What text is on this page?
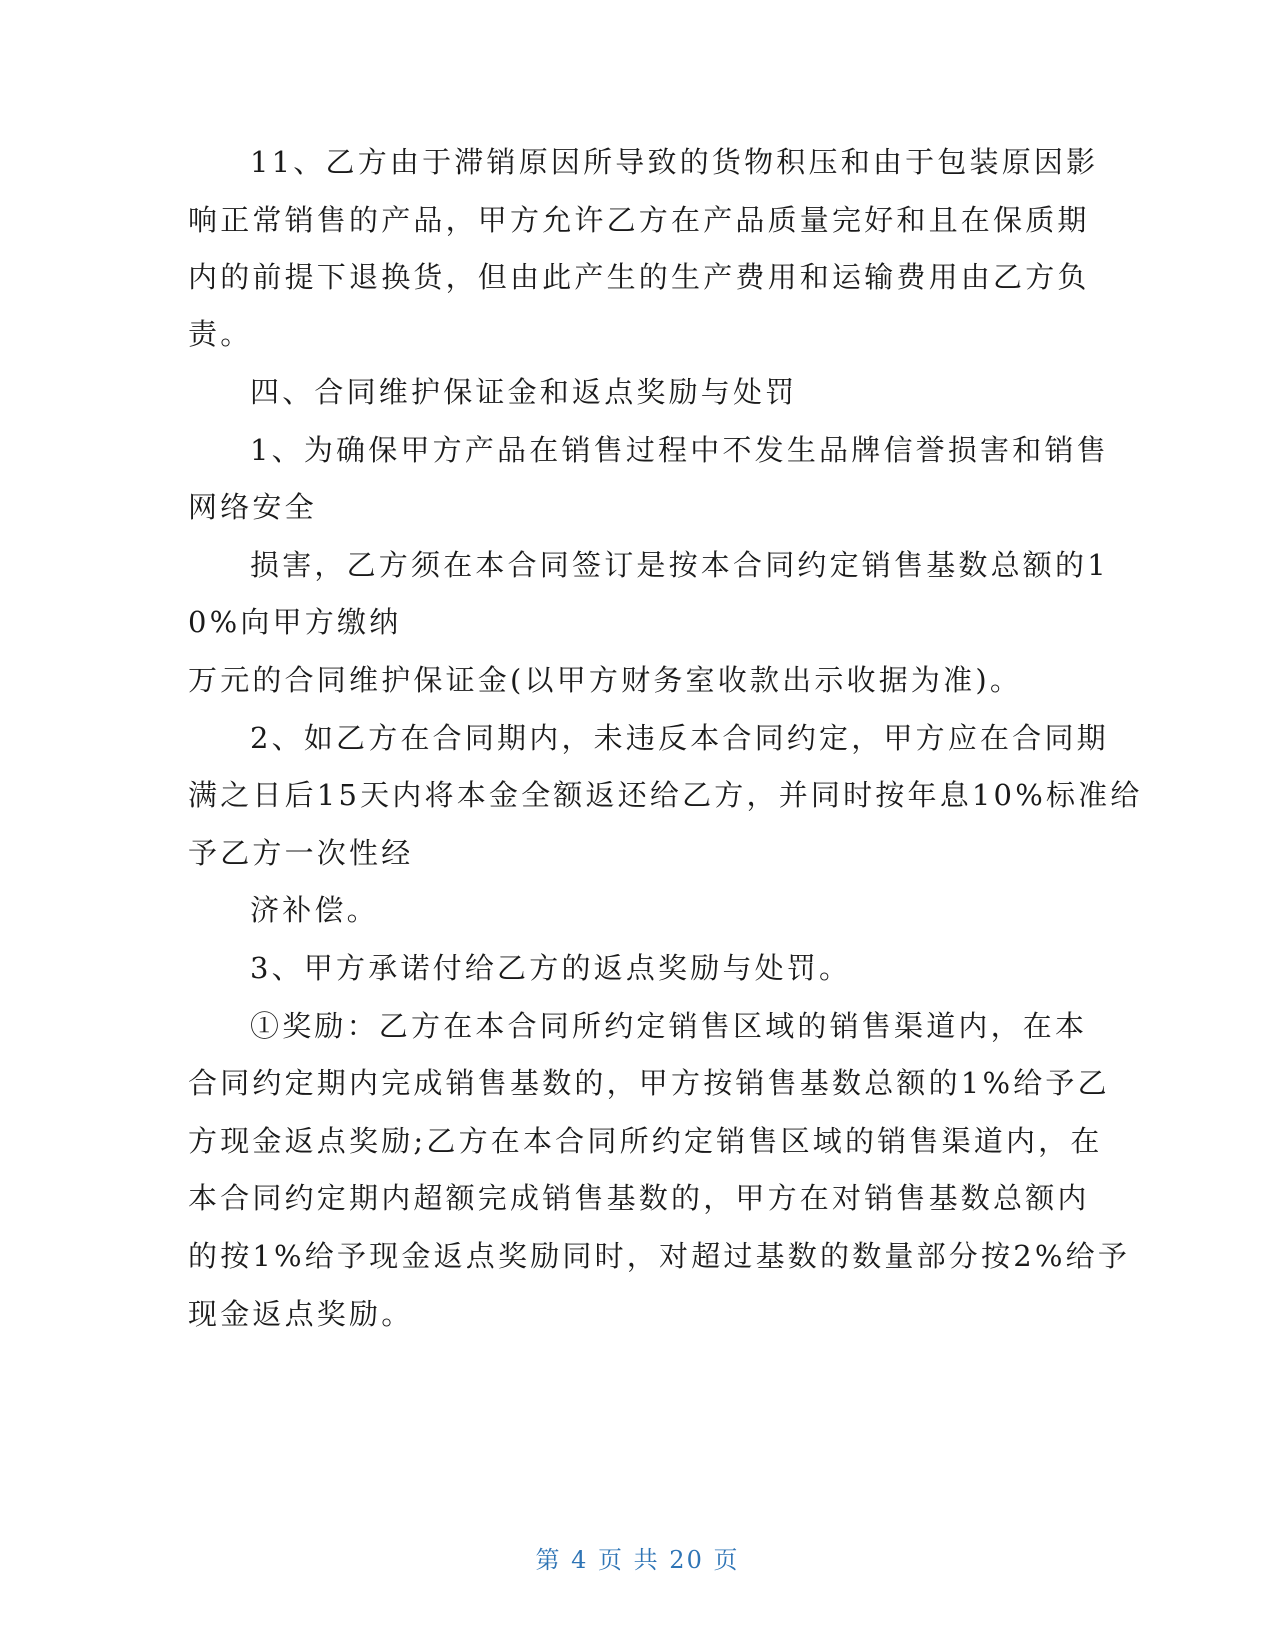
11、乙方由于滞销原因所导致的货物积压和由于包装原因影
响正常销售的产品，甲方允许乙方在产品质量完好和且在保质期
内的前提下退换货，但由此产生的生产费用和运输费用由乙方负
责。
四、合同维护保证金和返点奖励与处罚
1、为确保甲方产品在销售过程中不发生品牌信誉损害和销售
网络安全
损害，乙方须在本合同签订是按本合同约定销售基数总额的1
0%向甲方缴纳
万元的合同维护保证金(以甲方财务室收款出示收据为准)。
2、如乙方在合同期内，未违反本合同约定，甲方应在合同期
满之日后15天内将本金全额返还给乙方，并同时按年息10%标准给
予乙方一次性经
济补偿。
3、甲方承诺付给乙方的返点奖励与处罚。
①奖励：乙方在本合同所约定销售区域的销售渠道内，在本
合同约定期内完成销售基数的，甲方按销售基数总额的1%给予乙
方现金返点奖励;乙方在本合同所约定销售区域的销售渠道内，在
本合同约定期内超额完成销售基数的，甲方在对销售基数总额内
的按1%给予现金返点奖励同时，对超过基数的数量部分按2%给予
现金返点奖励。
第 4 页 共 20 页
